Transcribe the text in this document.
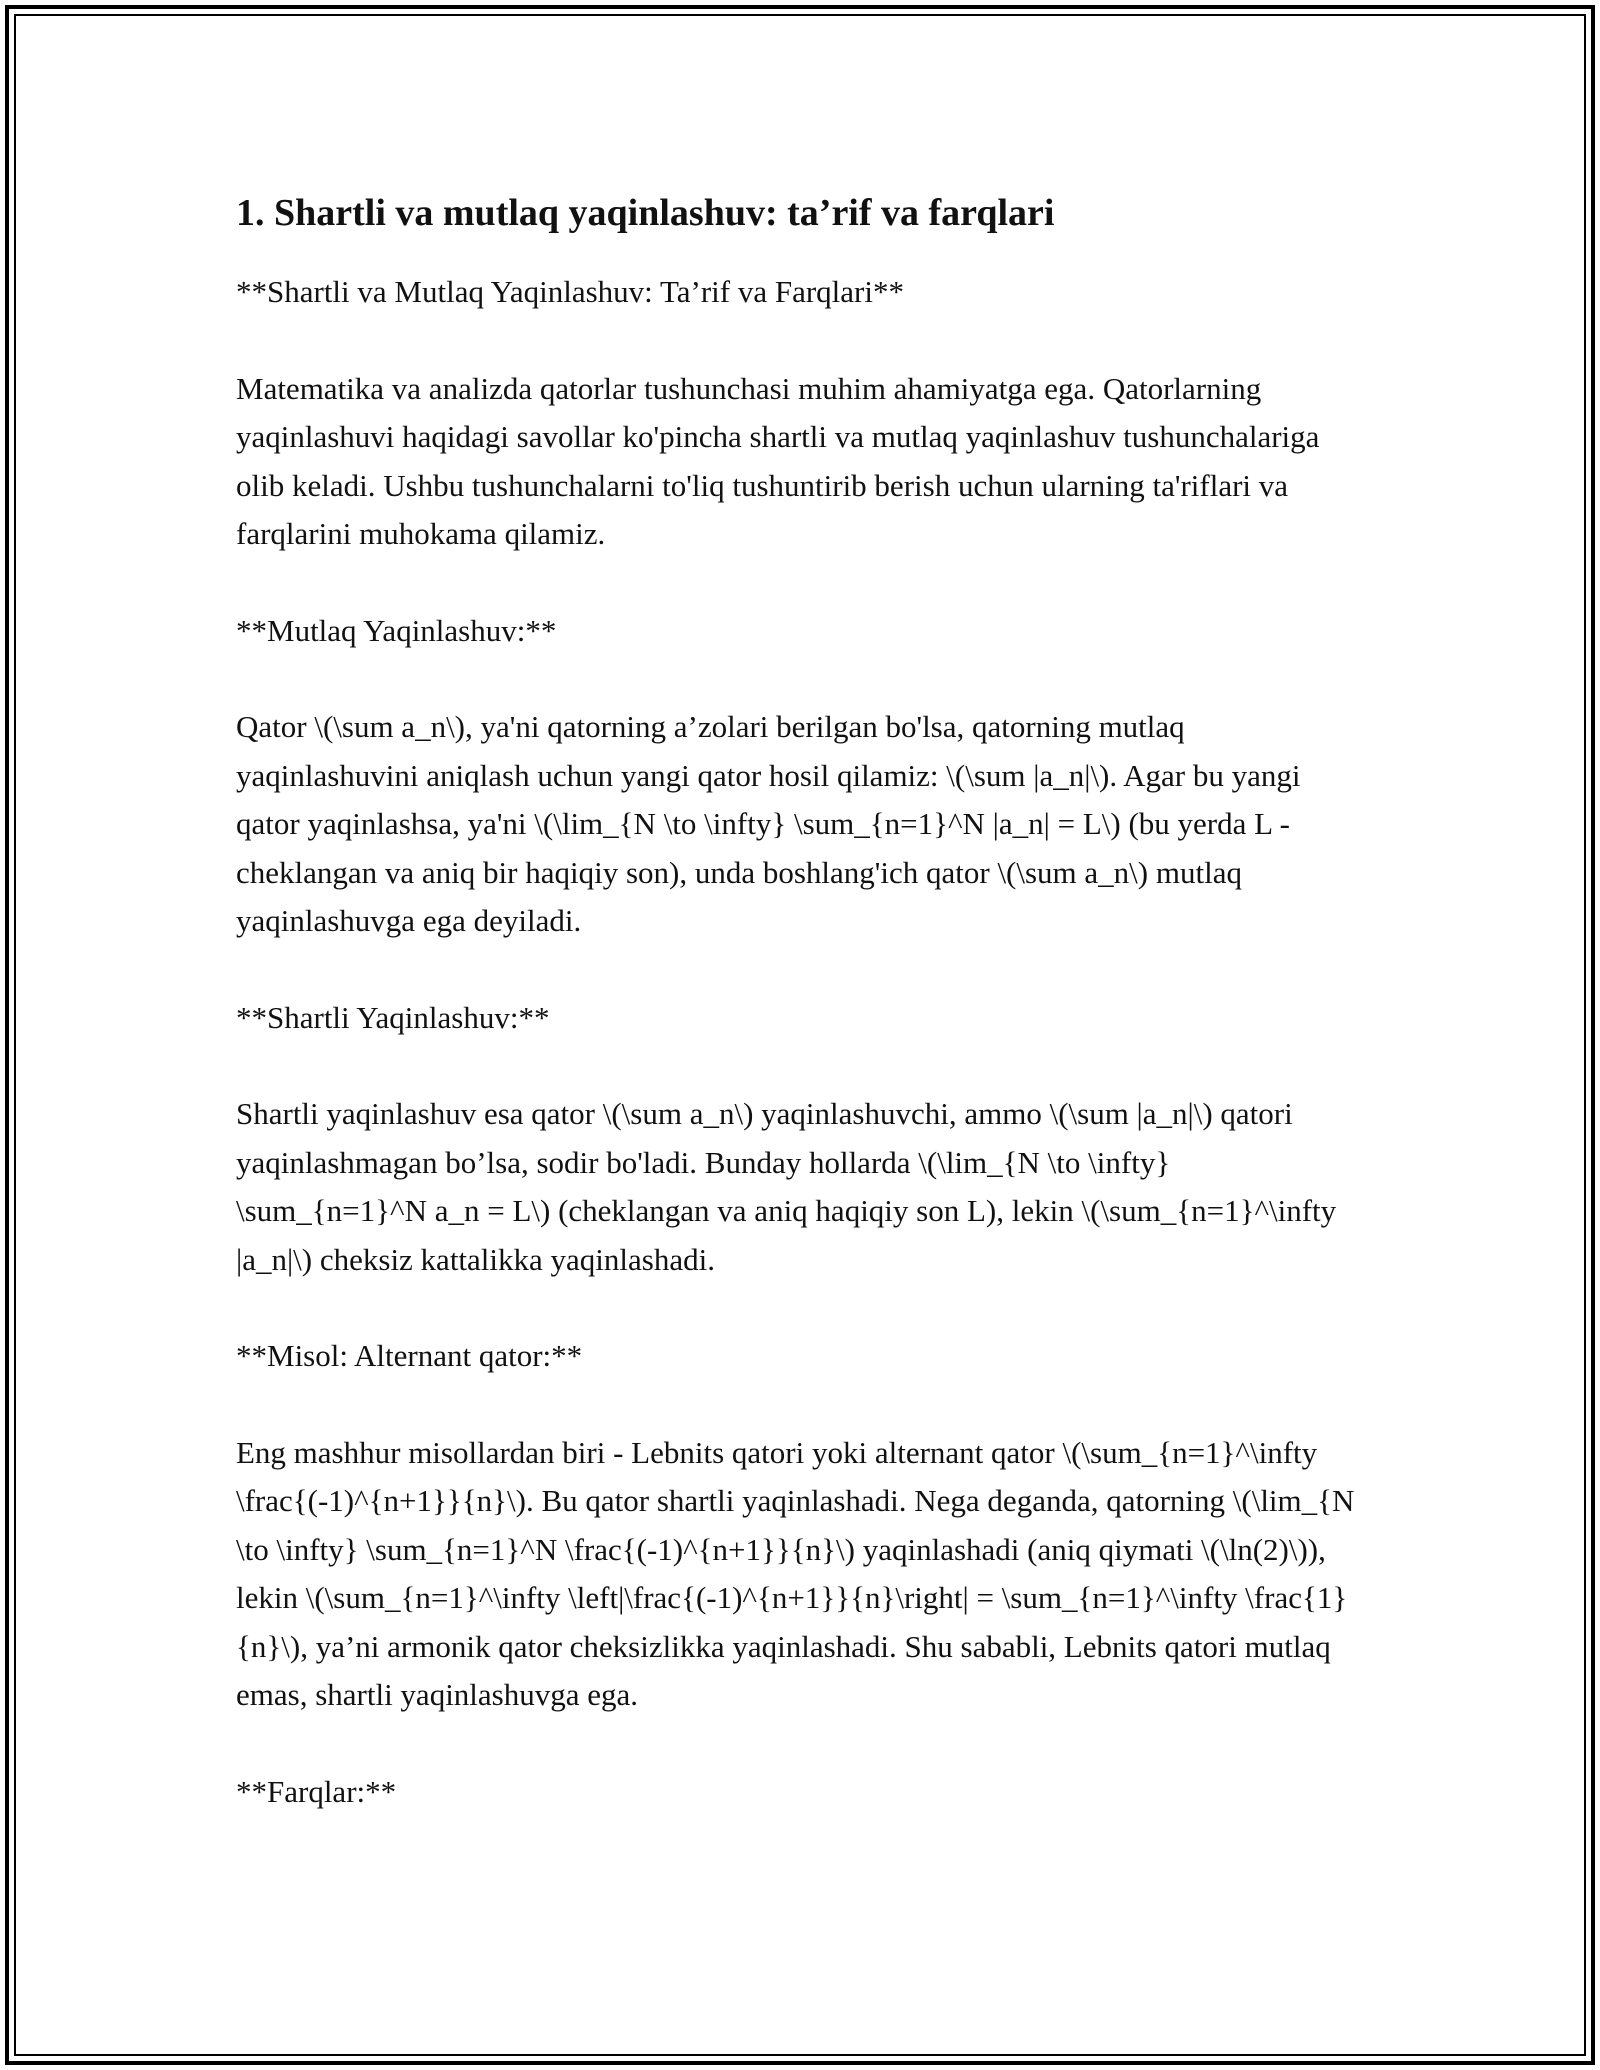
1. Shartli va mutlaq yaqinlashuv: ta’rif va farqlari

**Shartli va Mutlaq Yaqinlashuv: Ta’rif va Farqlari**

Matematika va analizda qatorlar tushunchasi muhim ahamiyatga ega. Qatorlarning yaqinlashuvi haqidagi savollar ko'pincha shartli va mutlaq yaqinlashuv tushunchalariga olib keladi. Ushbu tushunchalarni to'liq tushuntirib berish uchun ularning ta'riflari va farqlarini muhokama qilamiz.

**Mutlaq Yaqinlashuv:**

Qator \(\sum a_n\), ya'ni qatorning a’zolari berilgan bo'lsa, qatorning mutlaq yaqinlashuvini aniqlash uchun yangi qator hosil qilamiz: \(\sum |a_n|\). Agar bu yangi qator yaqinlashsa, ya'ni \(\lim_{N \to \infty} \sum_{n=1}^N |a_n| = L\) (bu yerda L - cheklangan va aniq bir haqiqiy son), unda boshlang'ich qator \(\sum a_n\) mutlaq yaqinlashuvga ega deyiladi.

**Shartli Yaqinlashuv:**

Shartli yaqinlashuv esa qator \(\sum a_n\) yaqinlashuvchi, ammo \(\sum |a_n|\) qatori yaqinlashmagan bo’lsa, sodir bo'ladi. Bunday hollarda \(\lim_{N \to \infty} \sum_{n=1}^N a_n = L\) (cheklangan va aniq haqiqiy son L), lekin \(\sum_{n=1}^\infty |a_n|\) cheksiz kattalikka yaqinlashadi.

**Misol: Alternant qator:**

Eng mashhur misollardan biri - Lebnits qatori yoki alternant qator \(\sum_{n=1}^\infty \frac{(-1)^{n+1}}{n}\). Bu qator shartli yaqinlashadi. Nega deganda, qatorning \(\lim_{N \to \infty} \sum_{n=1}^N \frac{(-1)^{n+1}}{n}\) yaqinlashadi (aniq qiymati \(\ln(2)\)), lekin \(\sum_{n=1}^\infty \left|\frac{(-1)^{n+1}}{n}\right| = \sum_{n=1}^\infty \frac{1}{n}\), ya’ni armonik qator cheksizlikka yaqinlashadi. Shu sababli, Lebnits qatori mutlaq emas, shartli yaqinlashuvga ega.

**Farqlar:**
